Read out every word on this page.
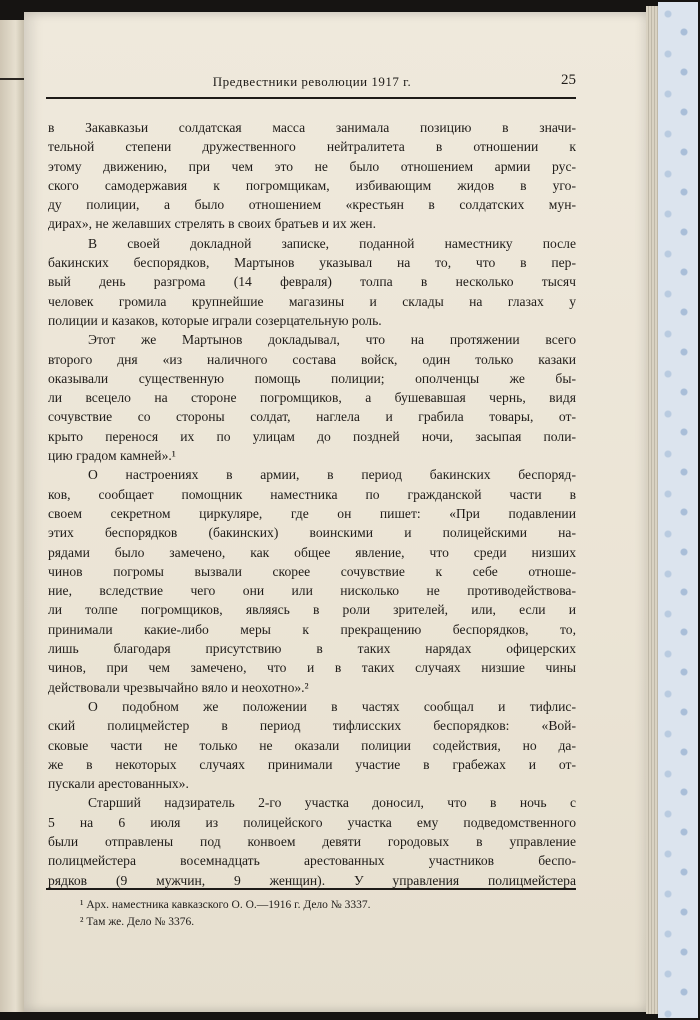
Предвестники революции 1917 г.	25
в Закавказьи солдатская масса занимала позицию в значи-
тельной степени дружественного нейтралитета в отношении к
этому движению, при чем это не было отношением армии рус-
ского самодержавия к погромщикам, избивающим жидов в уго-
ду полиции, а было отношением «крестьян в солдатских мун-
дирах», не желавших стрелять в своих братьев и их жен.
В своей докладной записке, поданной наместнику после
бакинских беспорядков, Мартынов указывал на то, что в пер-
вый день разгрома (14 февраля) толпа в несколько тысяч
человек громила крупнейшие магазины и склады на глазах у
полиции и казаков, которые играли созерцательную роль.
Этот же Мартынов докладывал, что на протяжении всего
второго дня «из наличного состава войск, один только казаки
оказывали существенную помощь полиции; ополченцы же бы-
ли всецело на стороне погромщиков, а бушевавшая чернь, видя
сочувствие со стороны солдат, наглела и грабила товары, от-
крыто перенося их по улицам до поздней ночи, засыпая поли-
цию градом камней».¹
О настроениях в армии, в период бакинских беспоряд-
ков, сообщает помощник наместника по гражданской части в
своем секретном циркуляре, где он пишет: «При подавлении
этих беспорядков (бакинских) воинскими и полицейскими на-
рядами было замечено, как общее явление, что среди низших
чинов погромы вызвали скорее сочувствие к себе отноше-
ние, вследствие чего они или нисколько не противодействова-
ли толпе погромщиков, являясь в роли зрителей, или, если и
принимали какие-либо меры к прекращению беспорядков, то,
лишь благодаря присутствию в таких нарядах офицерских
чинов, при чем замечено, что и в таких случаях низшие чины
действовали чрезвычайно вяло и неохотно».²
О подобном же положении в частях сообщал и тифлис-
ский полицмейстер в период тифлисских беспорядков: «Вой-
сковые части не только не оказали полиции содействия, но да-
же в некоторых случаях принимали участие в грабежах и от-
пускали арестованных».
Старший надзиратель 2-го участка доносил, что в ночь с
5 на 6 июля из полицейского участка ему подведомственного
были отправлены под конвоем девяти городовых в управление
полицмейстера восемнадцать арестованных участников беспо-
рядков (9 мужчин, 9 женщин). У управления полицмейстера
¹ Арх. наместника кавказского О. О.—1916 г. Дело № 3337.
² Там же. Дело № 3376.
